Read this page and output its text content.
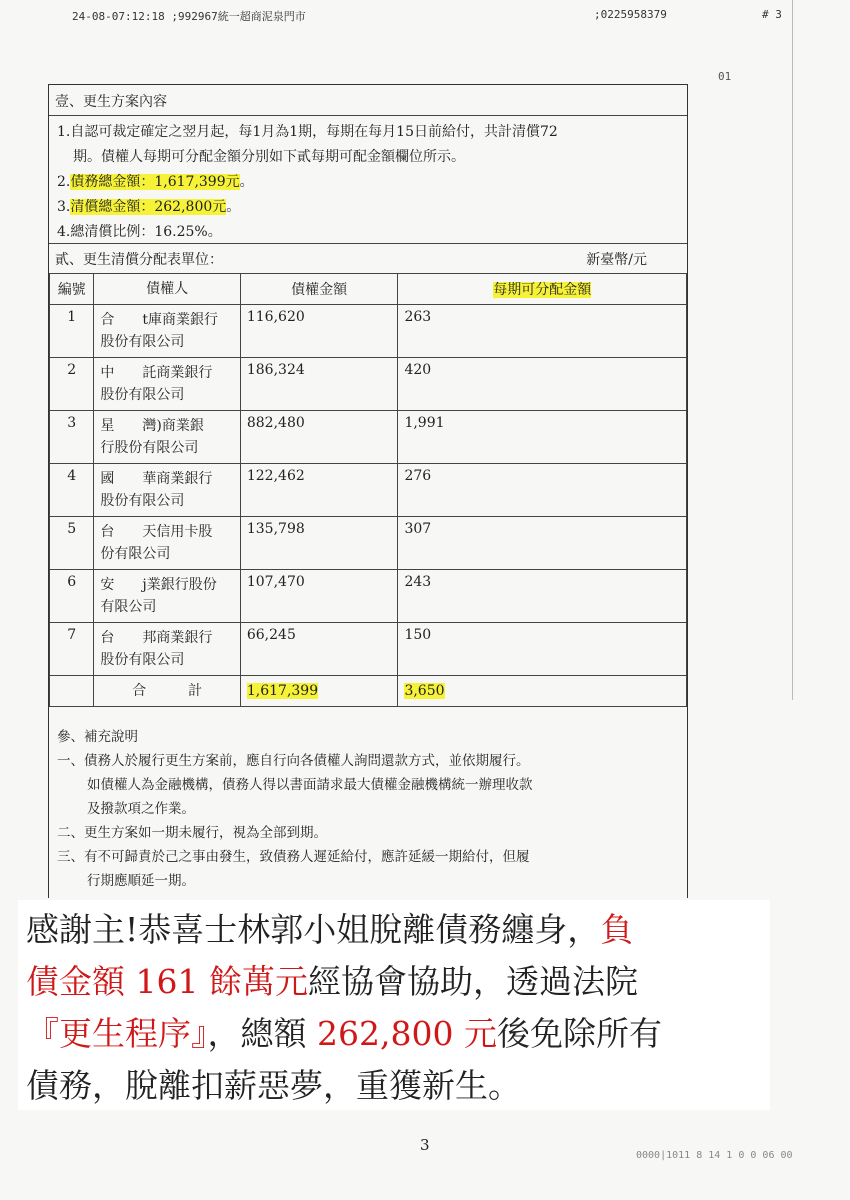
24-08-07:12:18 ;992967統一超商泥泉門市	;0225958379	# 3
01
壹、更生方案內容
1.自認可裁定確定之翌月起，每1月為1期，每期在每月15日前給付，共計清償72
期。債權人每期可分配金額分別如下貳每期可配金額欄位所示。
2.債務總金額：1,617,399元。
3.清償總金額：262,800元。
4.總清償比例：16.25%。
貳、更生清償分配表單位：	新臺幣/元
編號	債權人	債權金額	每期可分配金額
1	合　　t庫商業銀行
股份有限公司	116,620	263
2	中　　託商業銀行
股份有限公司	186,324	420
3	星　　灣)商業銀
行股份有限公司	882,480	1,991
4	國　　華商業銀行
股份有限公司	122,462	276
5	台　　天信用卡股
份有限公司	135,798	307
6	安　　j業銀行股份
有限公司	107,470	243
7	台　　邦商業銀行
股份有限公司	66,245	150
	合　　　計	1,617,399	3,650
參、補充說明
一、債務人於履行更生方案前，應自行向各債權人詢問還款方式，並依期履行。
如債權人為金融機構，債務人得以書面請求最大債權金融機構統一辦理收款
及撥款項之作業。
二、更生方案如一期未履行，視為全部到期。
三、有不可歸責於己之事由發生，致債務人遲延給付，應許延緩一期給付，但履
行期應順延一期。
感謝主!恭喜士林郭小姐脫離債務纏身，負
債金額 161 餘萬元經協會協助，透過法院
『更生程序』，總額 262,800 元後免除所有
債務，脫離扣薪惡夢，重獲新生。
3
0000|1011 8 14 1 0 0 06 00
